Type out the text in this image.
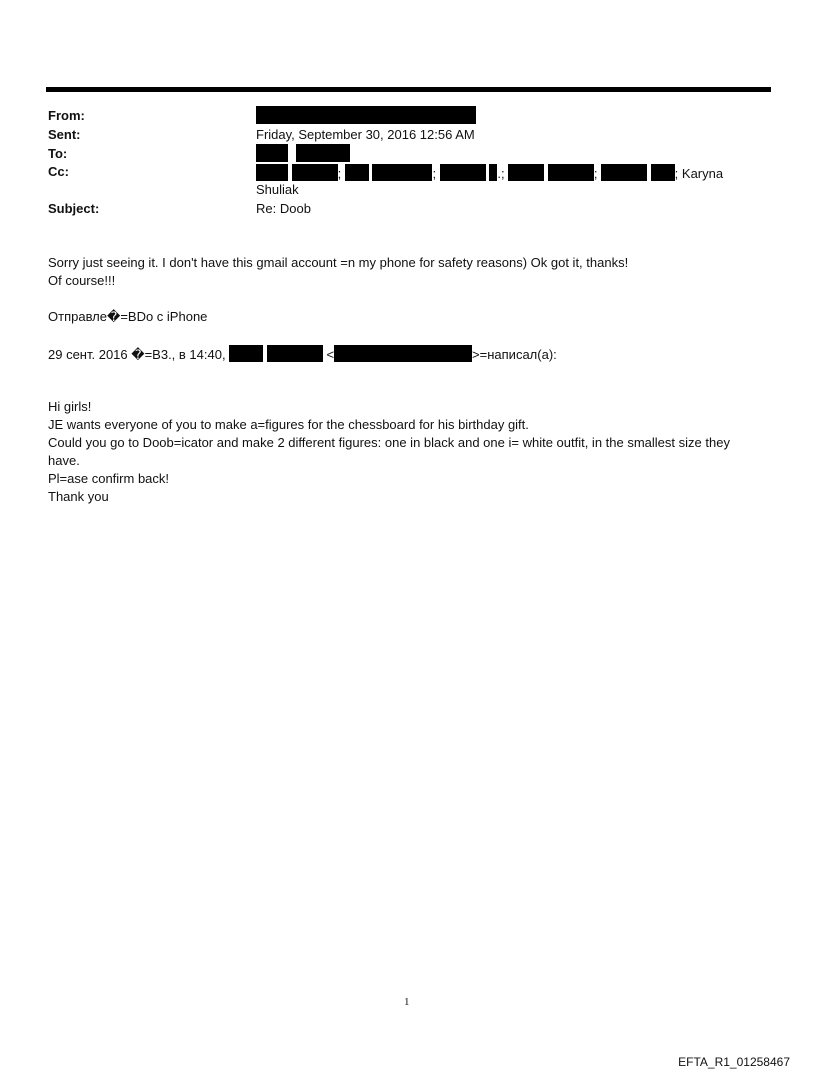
From:
Sent:	Friday, September 30, 2016 12:56 AM
To:
Cc:	;	;	.;	;	; Karyna
Shuliak
Subject:	Re: Doob
Sorry just seeing it. I don't have this gmail account =n my phone for safety reasons) Ok got it, thanks!
Of course!!!
Отправле�=BDo с iPhone
29 сент. 2016 �=B3., в 14:40,	<	>=написал(а):
Hi girls!
JE wants everyone of you to make a=figures for the chessboard for his birthday gift.
Could you go to Doob=icator and make 2 different figures: one in black and one i= white outfit, in the smallest size they
have.
Pl=ase confirm back!
Thank you
1
EFTA_R1_01258467
